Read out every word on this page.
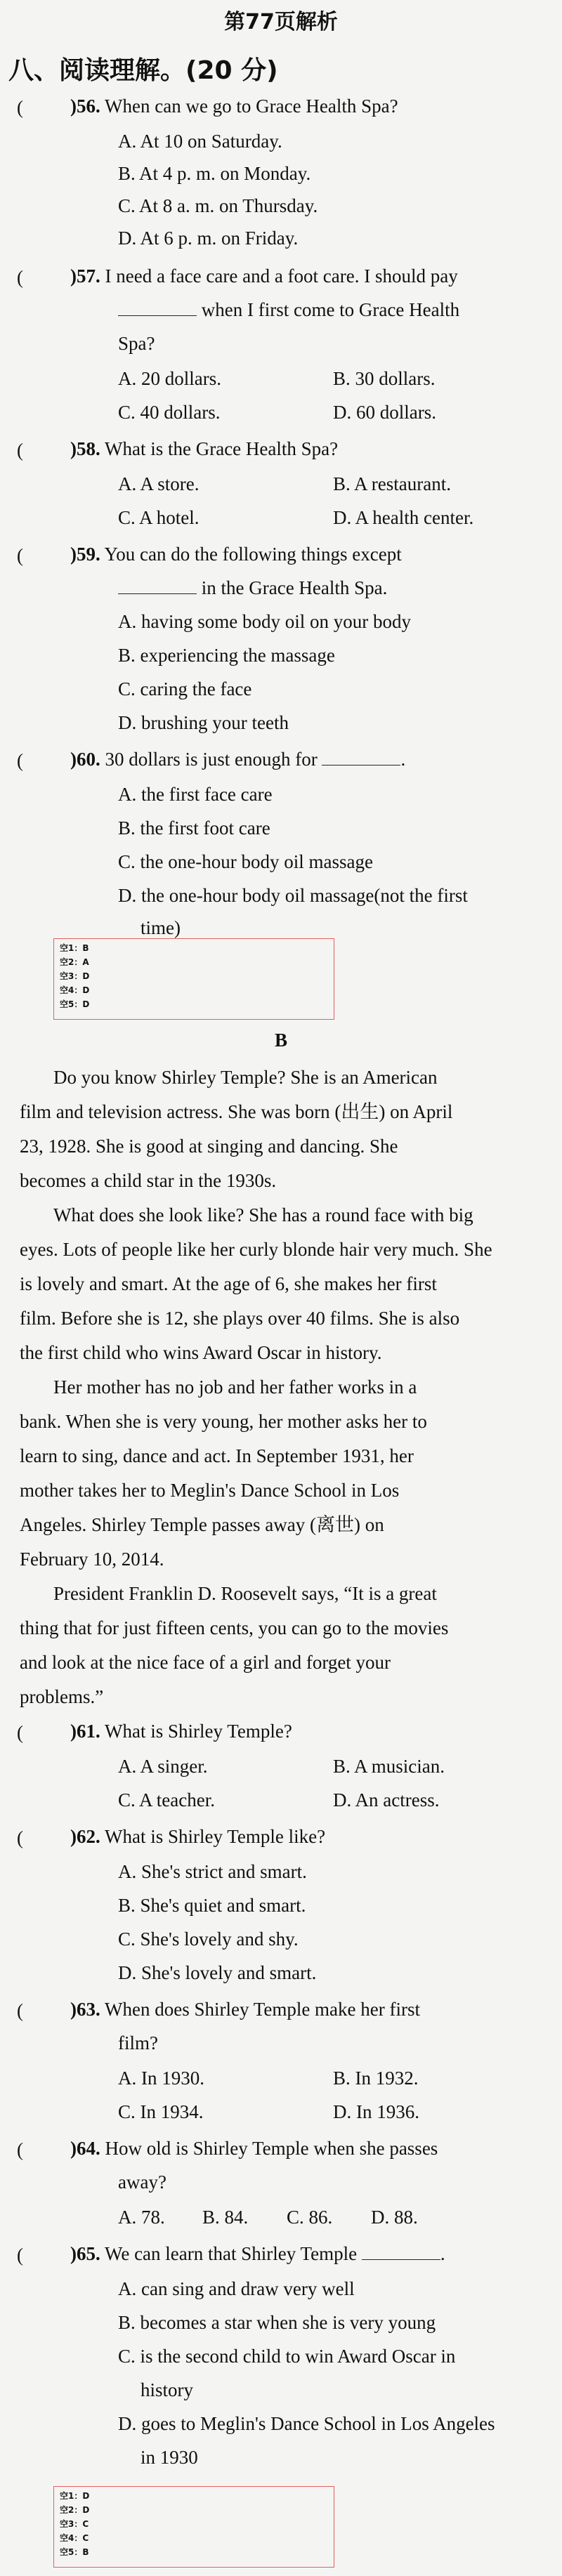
第77页解析
八、阅读理解。(20 分)
( )56. When can we go to Grace Health Spa?
A. At 10 on Saturday.
B. At 4 p. m. on Monday.
C. At 8 a. m. on Thursday.
D. At 6 p. m. on Friday.
( )57. I need a face care and a foot care. I should pay
when I first come to Grace Health
Spa?
A. 20 dollars.	B. 30 dollars.
C. 40 dollars.	D. 60 dollars.
( )58. What is the Grace Health Spa?
A. A store.	B. A restaurant.
C. A hotel.	D. A health center.
( )59. You can do the following things except
in the Grace Health Spa.
A. having some body oil on your body
B. experiencing the massage
C. caring the face
D. brushing your teeth
( )60. 30 dollars is just enough for	.
A. the first face care
B. the first foot care
C. the one-hour body oil massage
D. the one-hour body oil massage(not the first
time)
空1：B
空2：A
空3：D
空4：D
空5：D
B
Do you know Shirley Temple? She is an American
film and television actress. She was born (出生) on April
23, 1928. She is good at singing and dancing. She
becomes a child star in the 1930s.
What does she look like? She has a round face with big
eyes. Lots of people like her curly blonde hair very much. She
is lovely and smart. At the age of 6, she makes her first
film. Before she is 12, she plays over 40 films. She is also
the first child who wins Award Oscar in history.
Her mother has no job and her father works in a
bank. When she is very young, her mother asks her to
learn to sing, dance and act. In September 1931, her
mother takes her to Meglin's Dance School in Los
Angeles. Shirley Temple passes away (离世) on
February 10, 2014.
President Franklin D. Roosevelt says, “It is a great
thing that for just fifteen cents, you can go to the movies
and look at the nice face of a girl and forget your
problems.”
( )61. What is Shirley Temple?
A. A singer.	B. A musician.
C. A teacher.	D. An actress.
( )62. What is Shirley Temple like?
A. She's strict and smart.
B. She's quiet and smart.
C. She's lovely and shy.
D. She's lovely and smart.
( )63. When does Shirley Temple make her first
film?
A. In 1930.	B. In 1932.
C. In 1934.	D. In 1936.
( )64. How old is Shirley Temple when she passes
away?
A. 78. B. 84. C. 86. D. 88.
( )65. We can learn that Shirley Temple	.
A. can sing and draw very well
B. becomes a star when she is very young
C. is the second child to win Award Oscar in
history
D. goes to Meglin's Dance School in Los Angeles
in 1930
空1：D
空2：D
空3：C
空4：C
空5：B
